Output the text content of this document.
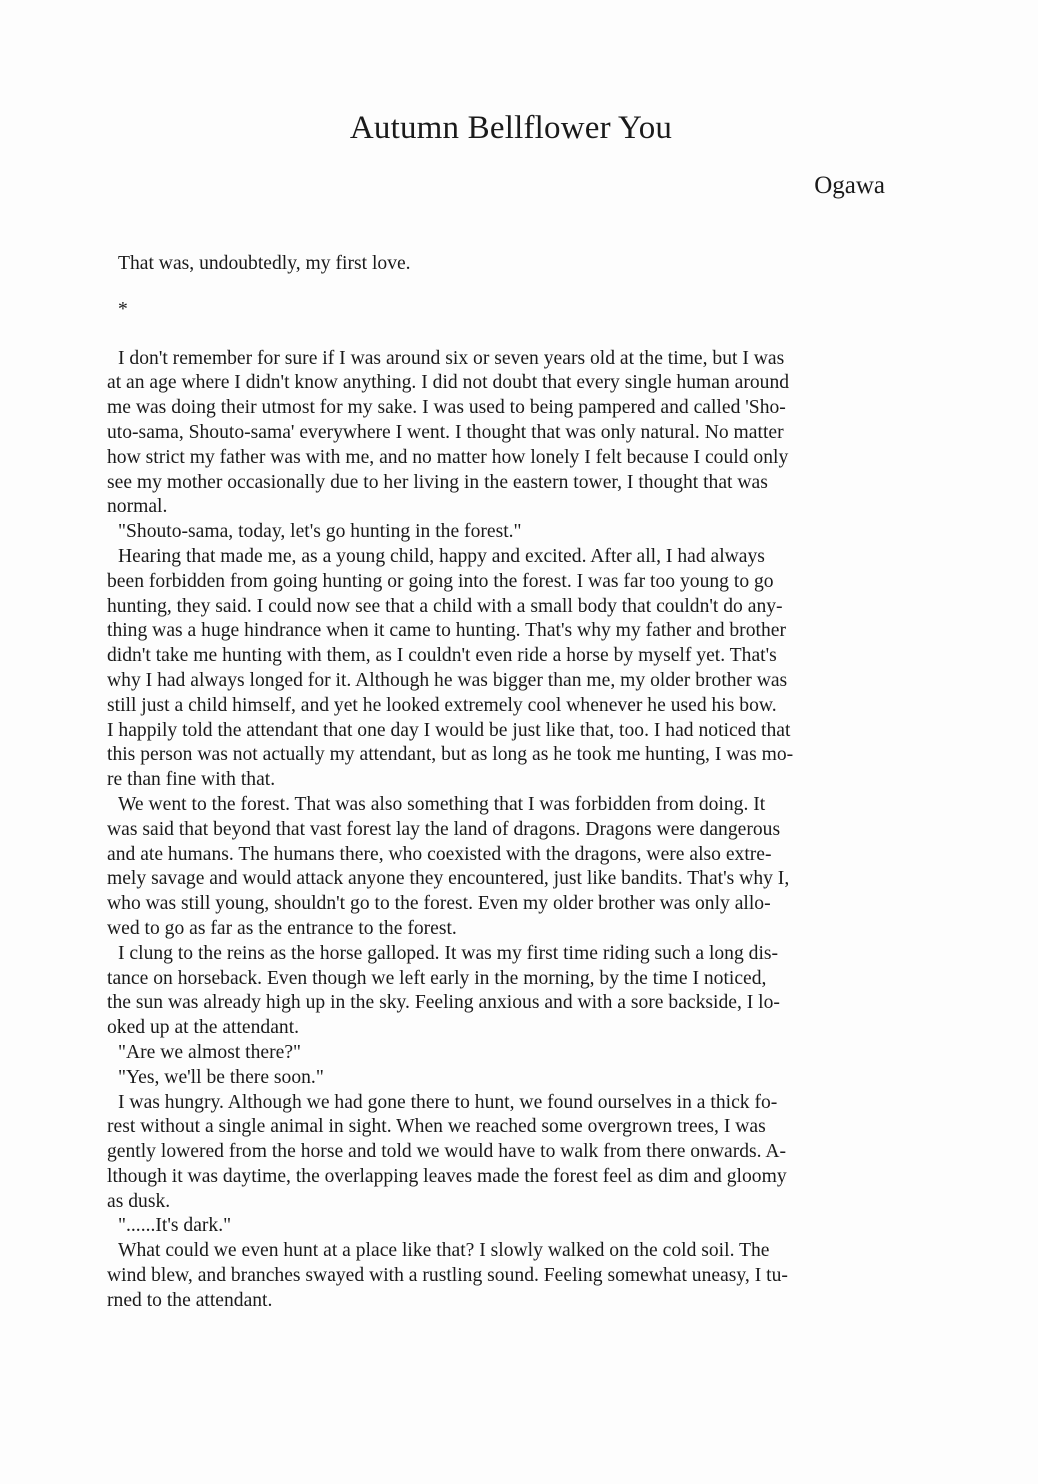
Autumn Bellflower You
Ogawa
That was, undoubtedly, my first love.
*
I don't remember for sure if I was around six or seven years old at the time, but I was
at an age where I didn't know anything. I did not doubt that every single human around
me was doing their utmost for my sake. I was used to being pampered and called 'Sho-
uto-sama, Shouto-sama' everywhere I went. I thought that was only natural. No matter
how strict my father was with me, and no matter how lonely I felt because I could only
see my mother occasionally due to her living in the eastern tower, I thought that was
normal.
"Shouto-sama, today, let's go hunting in the forest."
Hearing that made me, as a young child, happy and excited. After all, I had always
been forbidden from going hunting or going into the forest. I was far too young to go
hunting, they said. I could now see that a child with a small body that couldn't do any-
thing was a huge hindrance when it came to hunting. That's why my father and brother
didn't take me hunting with them, as I couldn't even ride a horse by myself yet. That's
why I had always longed for it. Although he was bigger than me, my older brother was
still just a child himself, and yet he looked extremely cool whenever he used his bow.
I happily told the attendant that one day I would be just like that, too. I had noticed that
this person was not actually my attendant, but as long as he took me hunting, I was mo-
re than fine with that.
We went to the forest. That was also something that I was forbidden from doing. It
was said that beyond that vast forest lay the land of dragons. Dragons were dangerous
and ate humans. The humans there, who coexisted with the dragons, were also extre-
mely savage and would attack anyone they encountered, just like bandits. That's why I,
who was still young, shouldn't go to the forest. Even my older brother was only allo-
wed to go as far as the entrance to the forest.
I clung to the reins as the horse galloped. It was my first time riding such a long dis-
tance on horseback. Even though we left early in the morning, by the time I noticed,
the sun was already high up in the sky. Feeling anxious and with a sore backside, I lo-
oked up at the attendant.
"Are we almost there?"
"Yes, we'll be there soon."
I was hungry. Although we had gone there to hunt, we found ourselves in a thick fo-
rest without a single animal in sight. When we reached some overgrown trees, I was
gently lowered from the horse and told we would have to walk from there onwards. A-
lthough it was daytime, the overlapping leaves made the forest feel as dim and gloomy
as dusk.
"......It's dark."
What could we even hunt at a place like that? I slowly walked on the cold soil. The
wind blew, and branches swayed with a rustling sound. Feeling somewhat uneasy, I tu-
rned to the attendant.
